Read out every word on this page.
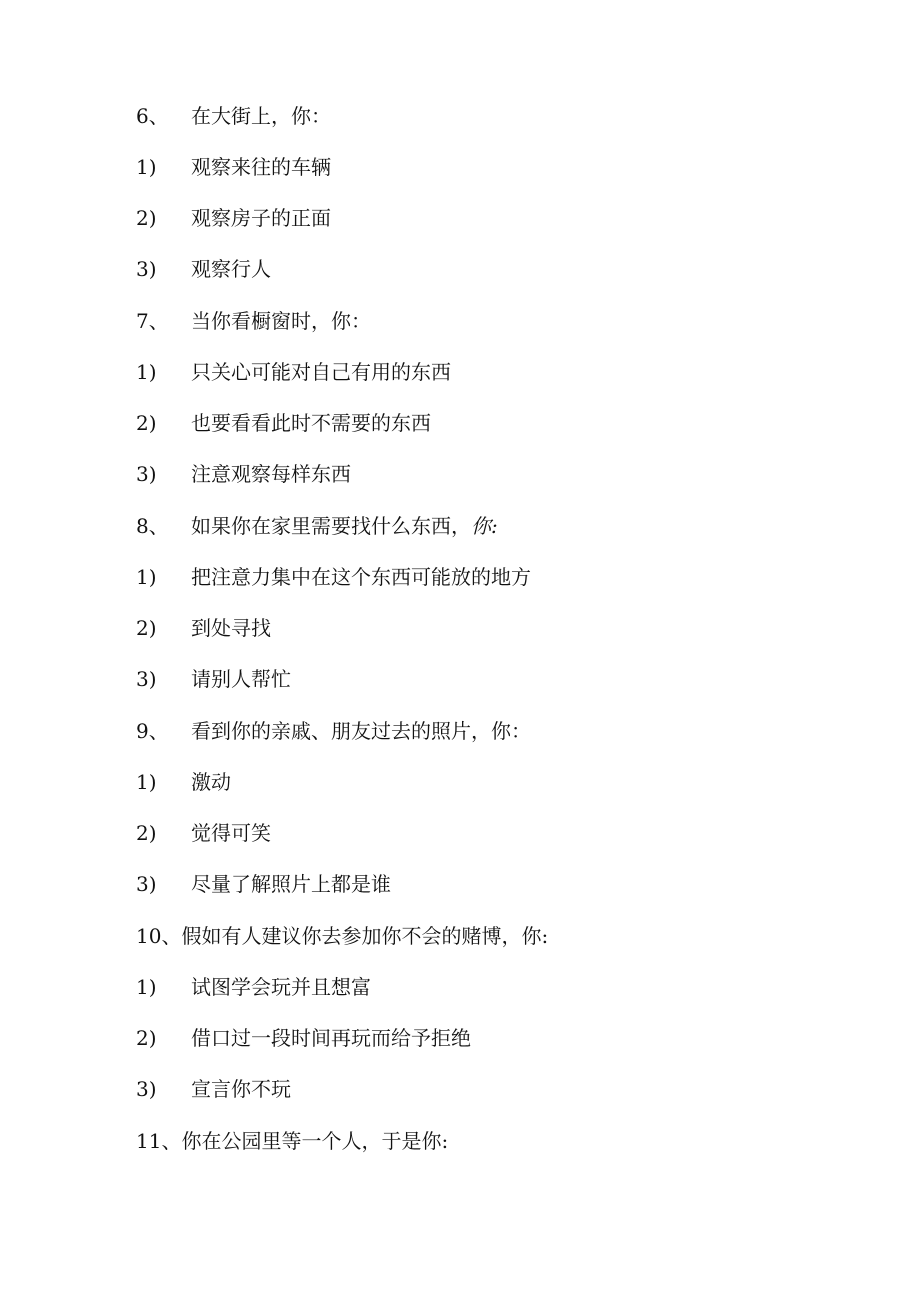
6、 在大街上，你：
1) 观察来往的车辆
2) 观察房子的正面
3) 观察行人
7、 当你看橱窗时，你：
1) 只关心可能对自己有用的东西
2) 也要看看此时不需要的东西
3) 注意观察每样东西
8、 如果你在家里需要找什么东西，你:
1) 把注意力集中在这个东西可能放的地方
2) 到处寻找
3) 请别人帮忙
9、 看到你的亲戚、朋友过去的照片，你：
1) 激动
2) 觉得可笑
3) 尽量了解照片上都是谁
10、假如有人建议你去参加你不会的赌博，你:
1) 试图学会玩并且想富
2) 借口过一段时间再玩而给予拒绝
3) 宣言你不玩
11、你在公园里等一个人，于是你:
